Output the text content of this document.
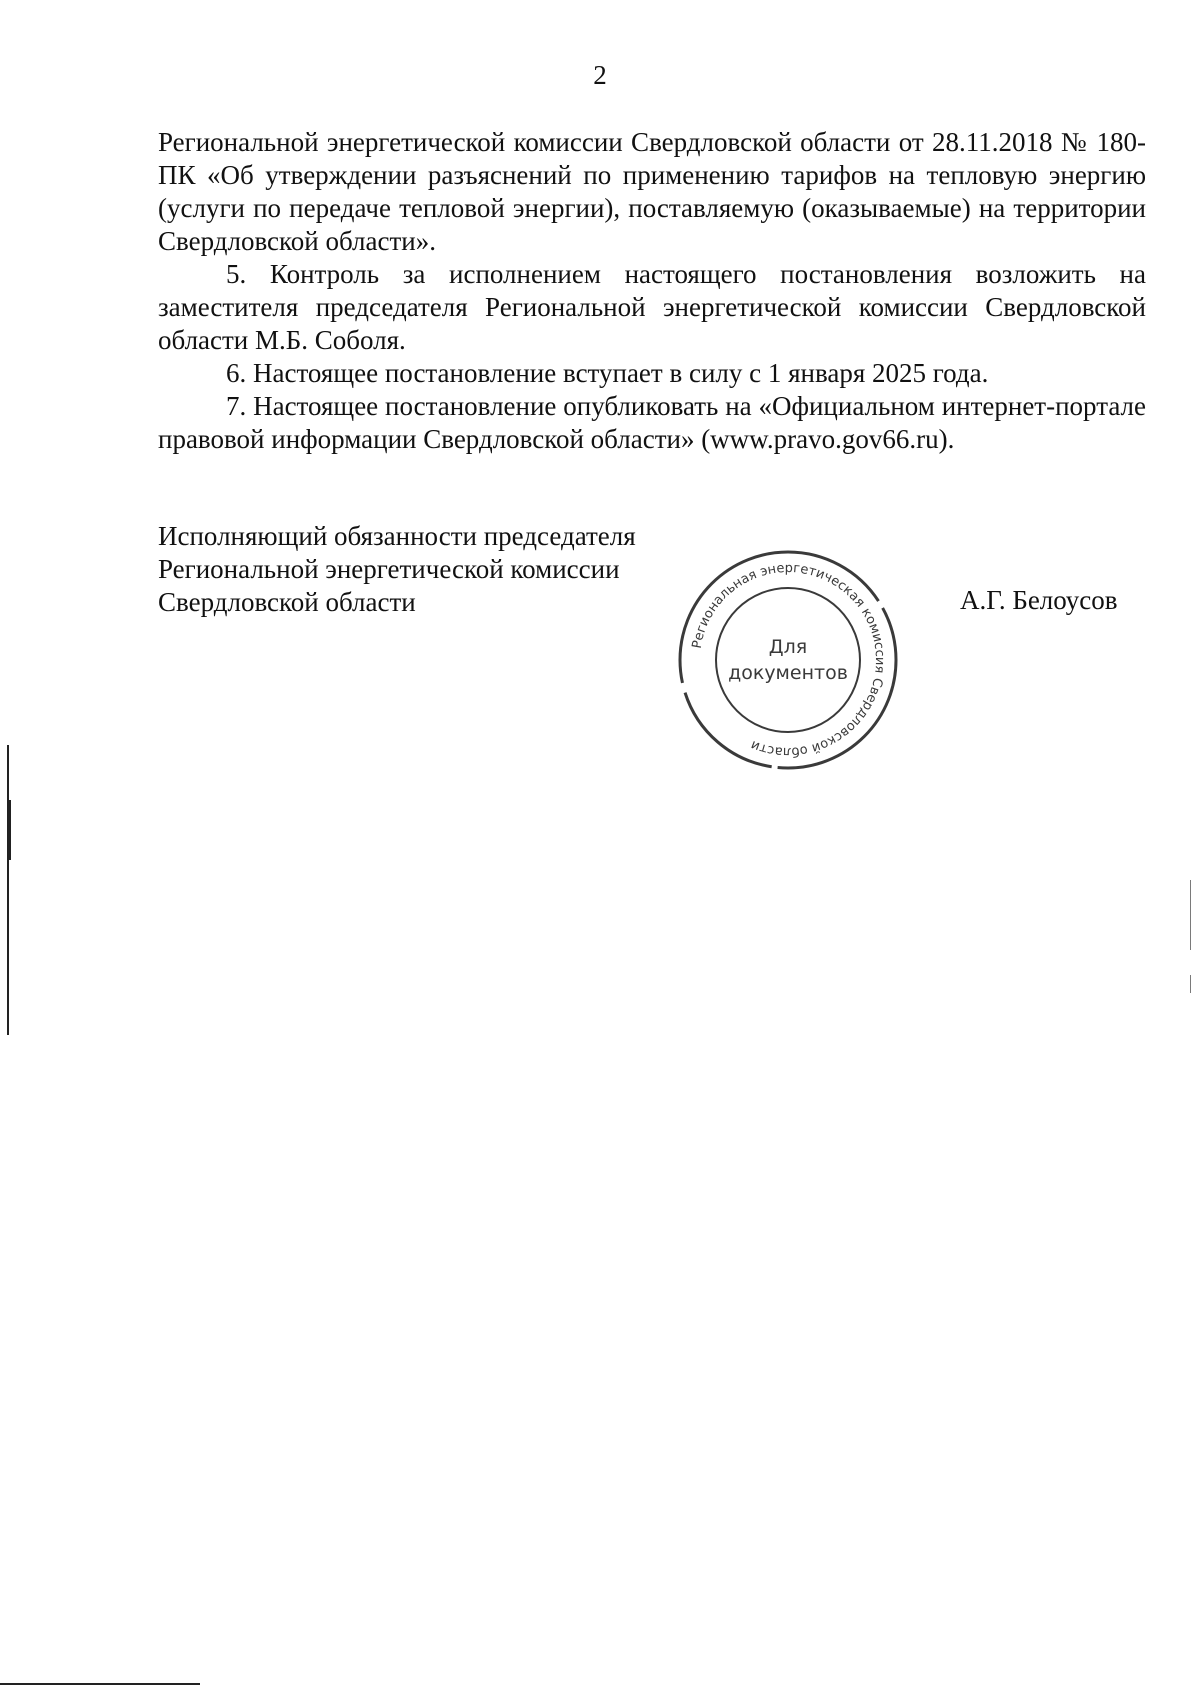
2

Региональной энергетической комиссии Свердловской области от 28.11.2018 № 180-ПК «Об утверждении разъяснений по применению тарифов на тепловую энергию (услуги по передаче тепловой энергии), поставляемую (оказываемые) на территории Свердловской области».

5. Контроль за исполнением настоящего постановления возложить на заместителя председателя Региональной энергетической комиссии Свердловской области М.Б. Соболя.

6. Настоящее постановление вступает в силу с 1 января 2025 года.

7. Настоящее постановление опубликовать на «Официальном интернет-портале правовой информации Свердловской области» (www.pravo.gov66.ru).

Исполняющий обязанности председателя
Региональной энергетической комиссии
Свердловской области
Региональная энергетическая комиссия Свердловской области
Для
документов
А.Г. Белоусов
